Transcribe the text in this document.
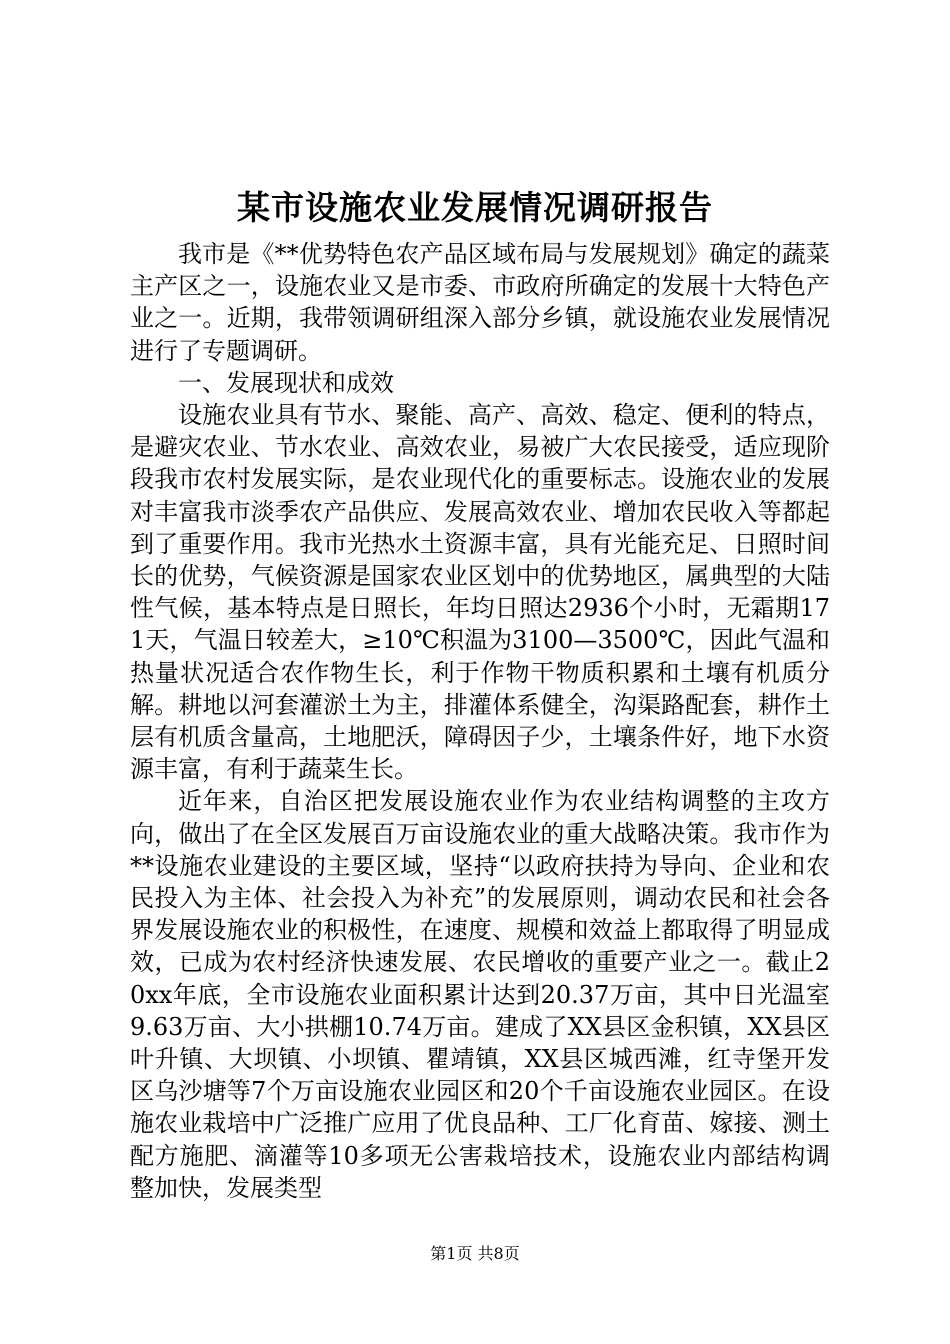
某市设施农业发展情况调研报告

我市是《**优势特色农产品区域布局与发展规划》确定的蔬菜主产区之一，设施农业又是市委、市政府所确定的发展十大特色产业之一。近期，我带领调研组深入部分乡镇，就设施农业发展情况进行了专题调研。

一、发展现状和成效

设施农业具有节水、聚能、高产、高效、稳定、便利的特点，是避灾农业、节水农业、高效农业，易被广大农民接受，适应现阶段我市农村发展实际，是农业现代化的重要标志。设施农业的发展对丰富我市淡季农产品供应、发展高效农业、增加农民收入等都起到了重要作用。我市光热水土资源丰富，具有光能充足、日照时间长的优势，气候资源是国家农业区划中的优势地区，属典型的大陆性气候，基本特点是日照长，年均日照达2936个小时，无霜期171天，气温日较差大，≥10℃积温为3100—3500℃，因此气温和热量状况适合农作物生长，利于作物干物质积累和土壤有机质分解。耕地以河套灌淤土为主，排灌体系健全，沟渠路配套，耕作土层有机质含量高，土地肥沃，障碍因子少，土壤条件好，地下水资源丰富，有利于蔬菜生长。

近年来，自治区把发展设施农业作为农业结构调整的主攻方向，做出了在全区发展百万亩设施农业的重大战略决策。我市作为**设施农业建设的主要区域，坚持“以政府扶持为导向、企业和农民投入为主体、社会投入为补充”的发展原则，调动农民和社会各界发展设施农业的积极性，在速度、规模和效益上都取得了明显成效，已成为农村经济快速发展、农民增收的重要产业之一。截止20xx年底，全市设施农业面积累计达到20.37万亩，其中日光温室9.63万亩、大小拱棚10.74万亩。建成了XX县区金积镇，XX县区叶升镇、大坝镇、小坝镇、瞿靖镇，XX县区城西滩，红寺堡开发区乌沙塘等7个万亩设施农业园区和20个千亩设施农业园区。在设施农业栽培中广泛推广应用了优良品种、工厂化育苗、嫁接、测土配方施肥、滴灌等10多项无公害栽培技术，设施农业内部结构调整加快，发展类型

第1页 共8页
